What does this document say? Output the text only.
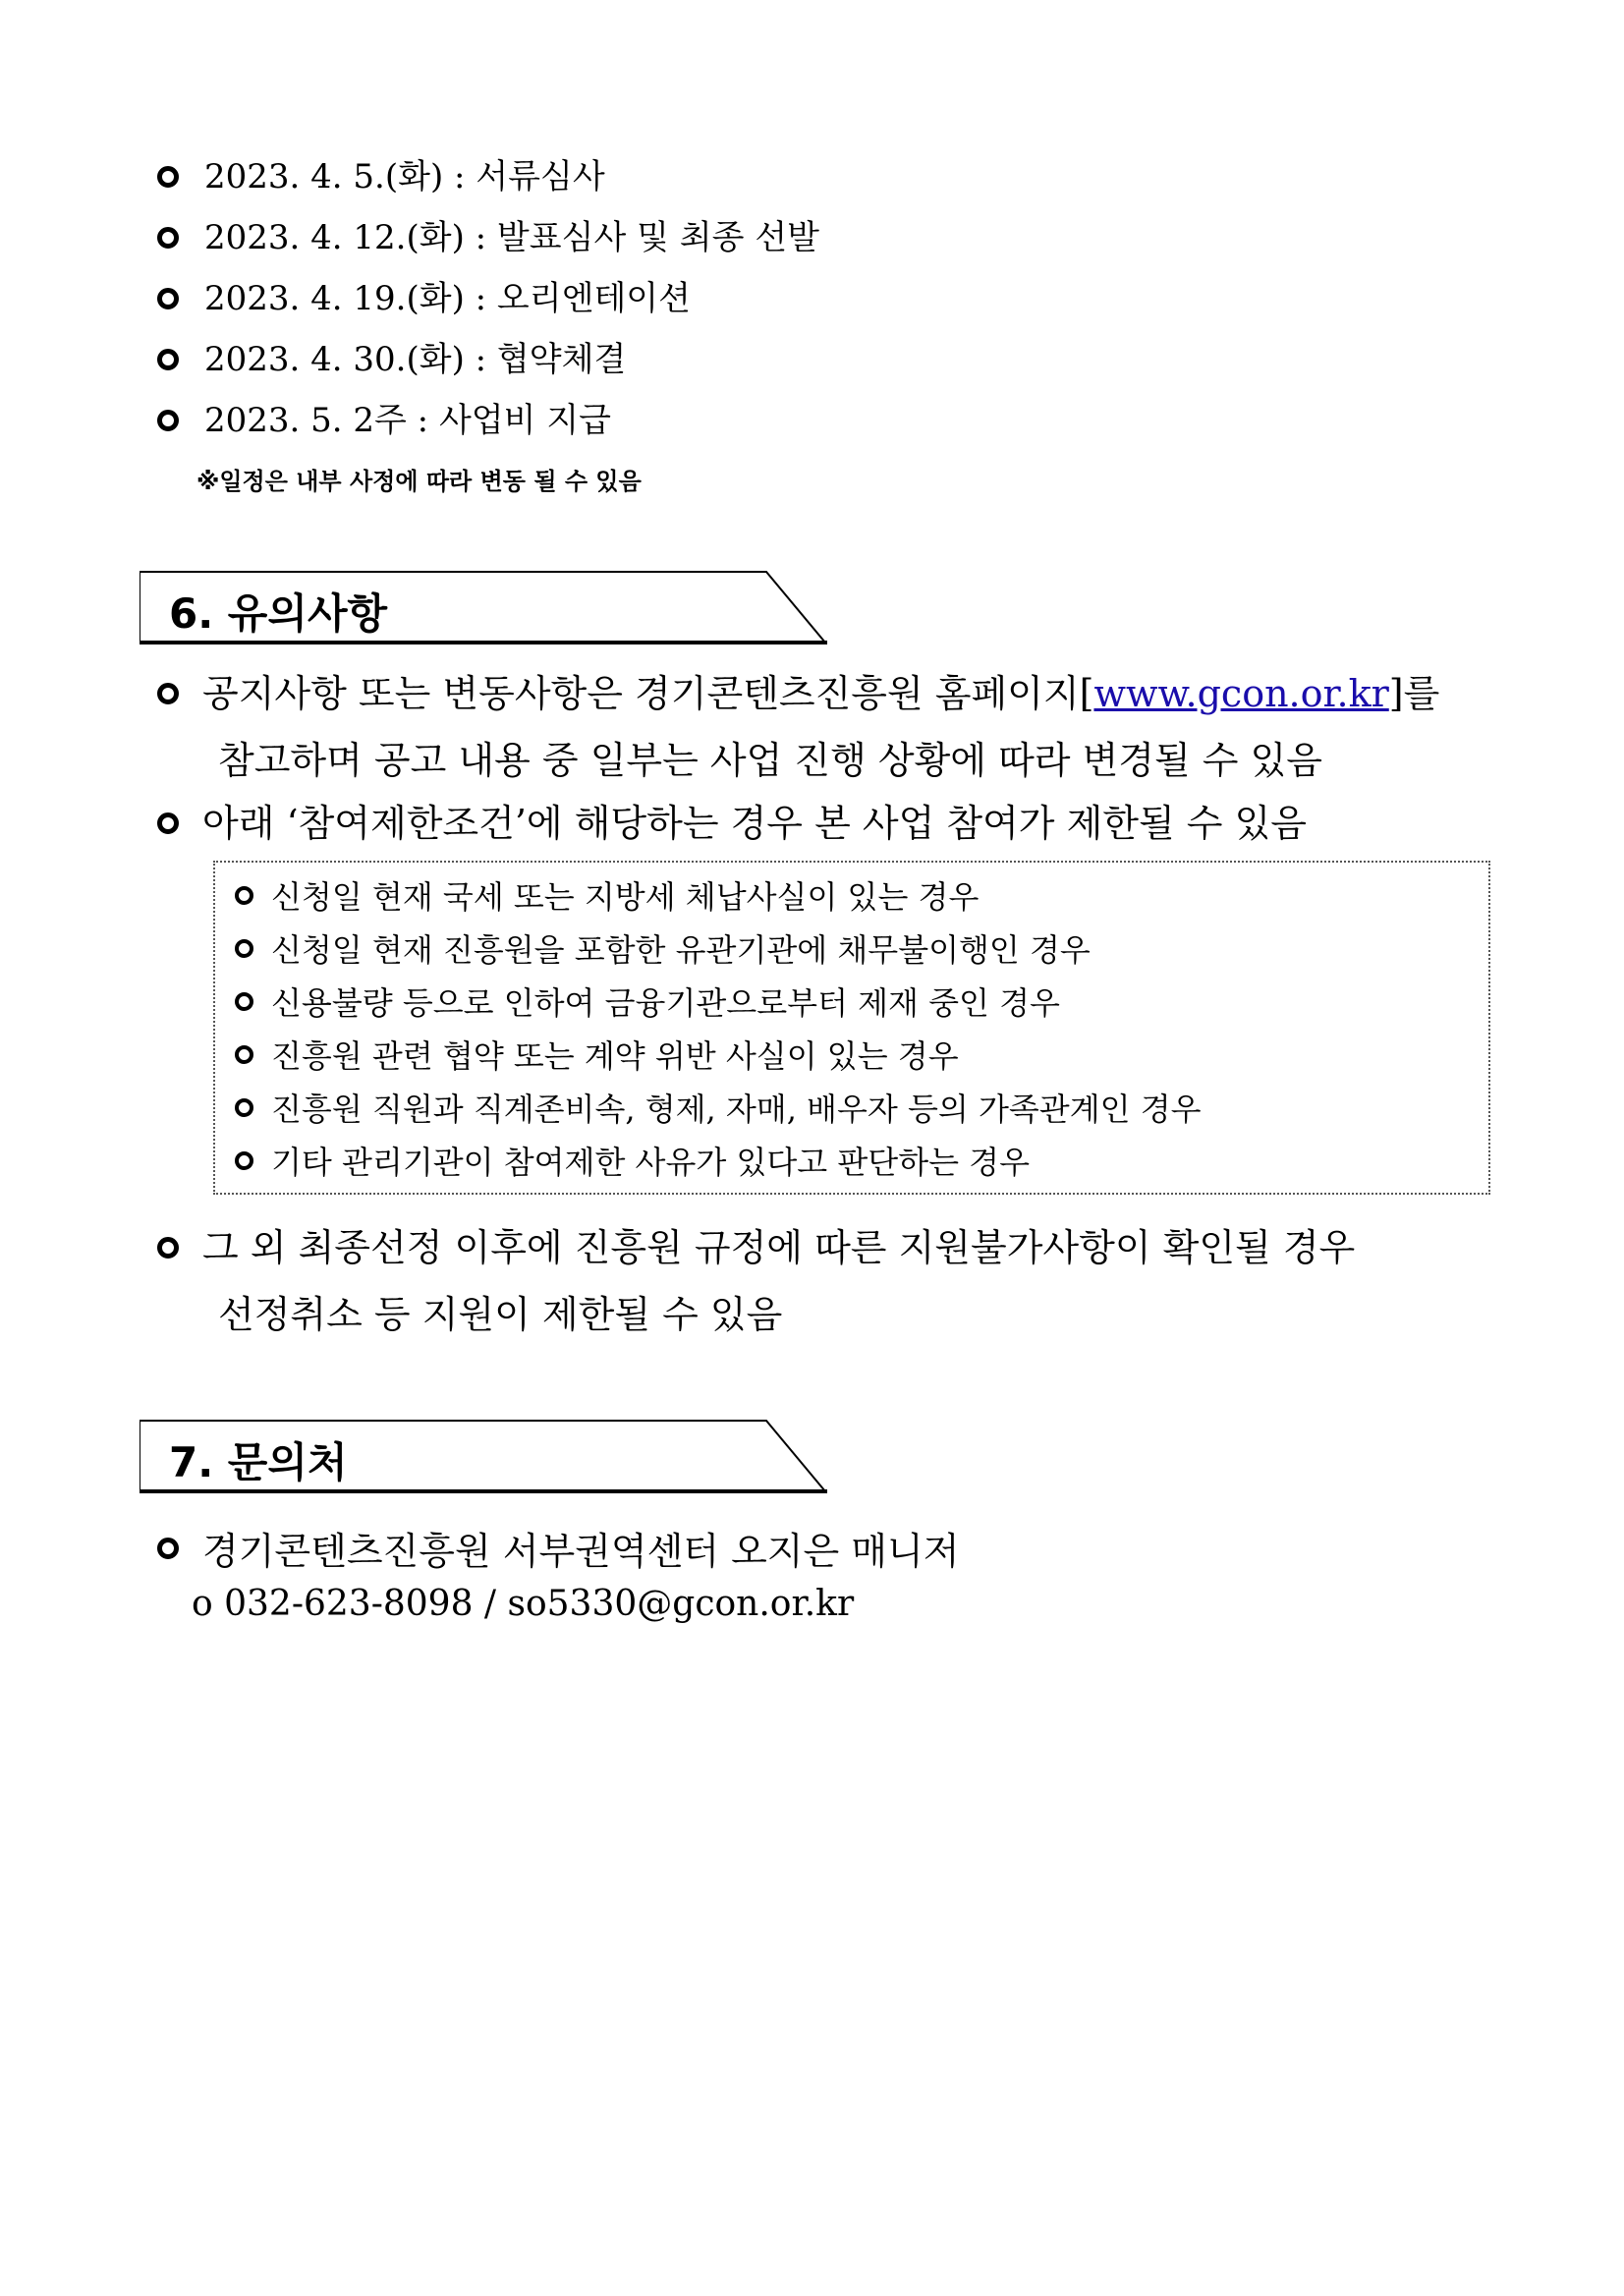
2023. 4. 5.(화) : 서류심사
2023. 4. 12.(화) : 발표심사 및 최종 선발
2023. 4. 19.(화) : 오리엔테이션
2023. 4. 30.(화) : 협약체결
2023. 5. 2주 : 사업비 지급
※일정은 내부 사정에 따라 변동 될 수 있음
6. 유의사항
공지사항 또는 변동사항은 경기콘텐츠진흥원 홈페이지[www.gcon.or.kr]를
참고하며 공고 내용 중 일부는 사업 진행 상황에 따라 변경될 수 있음
아래 ‘참여제한조건’에 해당하는 경우 본 사업 참여가 제한될 수 있음
신청일 현재 국세 또는 지방세 체납사실이 있는 경우
신청일 현재 진흥원을 포함한 유관기관에 채무불이행인 경우
신용불량 등으로 인하여 금융기관으로부터 제재 중인 경우
진흥원 관련 협약 또는 계약 위반 사실이 있는 경우
진흥원 직원과 직계존비속, 형제, 자매, 배우자 등의 가족관계인 경우
기타 관리기관이 참여제한 사유가 있다고 판단하는 경우
그 외 최종선정 이후에 진흥원 규정에 따른 지원불가사항이 확인될 경우
선정취소 등 지원이 제한될 수 있음
7. 문의처
경기콘텐츠진흥원 서부권역센터 오지은 매니저
o 032-623-8098 / so5330@gcon.or.kr
